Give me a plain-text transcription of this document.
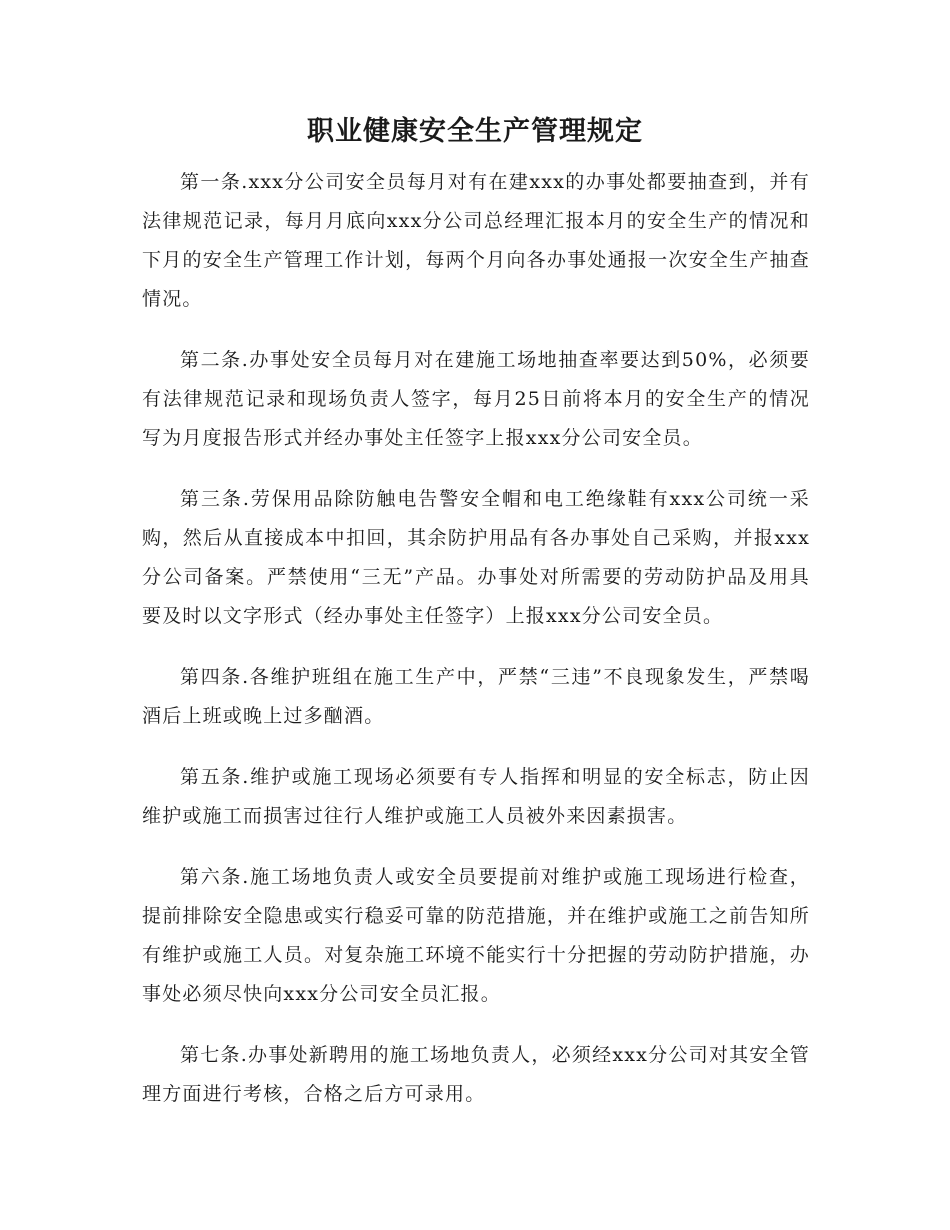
职业健康安全生产管理规定

第一条.xxx分公司安全员每月对有在建xxx的办事处都要抽查到，并有法律规范记录，每月月底向xxx分公司总经理汇报本月的安全生产的情况和下月的安全生产管理工作计划，每两个月向各办事处通报一次安全生产抽查情况。

第二条.办事处安全员每月对在建施工场地抽查率要达到50%，必须要有法律规范记录和现场负责人签字，每月25日前将本月的安全生产的情况写为月度报告形式并经办事处主任签字上报xxx分公司安全员。

第三条.劳保用品除防触电告警安全帽和电工绝缘鞋有xxx公司统一采购，然后从直接成本中扣回，其余防护用品有各办事处自己采购，并报xxx分公司备案。严禁使用“三无”产品。办事处对所需要的劳动防护品及用具要及时以文字形式（经办事处主任签字）上报xxx分公司安全员。

第四条.各维护班组在施工生产中，严禁“三违”不良现象发生，严禁喝酒后上班或晚上过多酗酒。

第五条.维护或施工现场必须要有专人指挥和明显的安全标志，防止因维护或施工而损害过往行人维护或施工人员被外来因素损害。

第六条.施工场地负责人或安全员要提前对维护或施工现场进行检查，提前排除安全隐患或实行稳妥可靠的防范措施，并在维护或施工之前告知所有维护或施工人员。对复杂施工环境不能实行十分把握的劳动防护措施，办事处必须尽快向xxx分公司安全员汇报。

第七条.办事处新聘用的施工场地负责人，必须经xxx分公司对其安全管理方面进行考核，合格之后方可录用。
